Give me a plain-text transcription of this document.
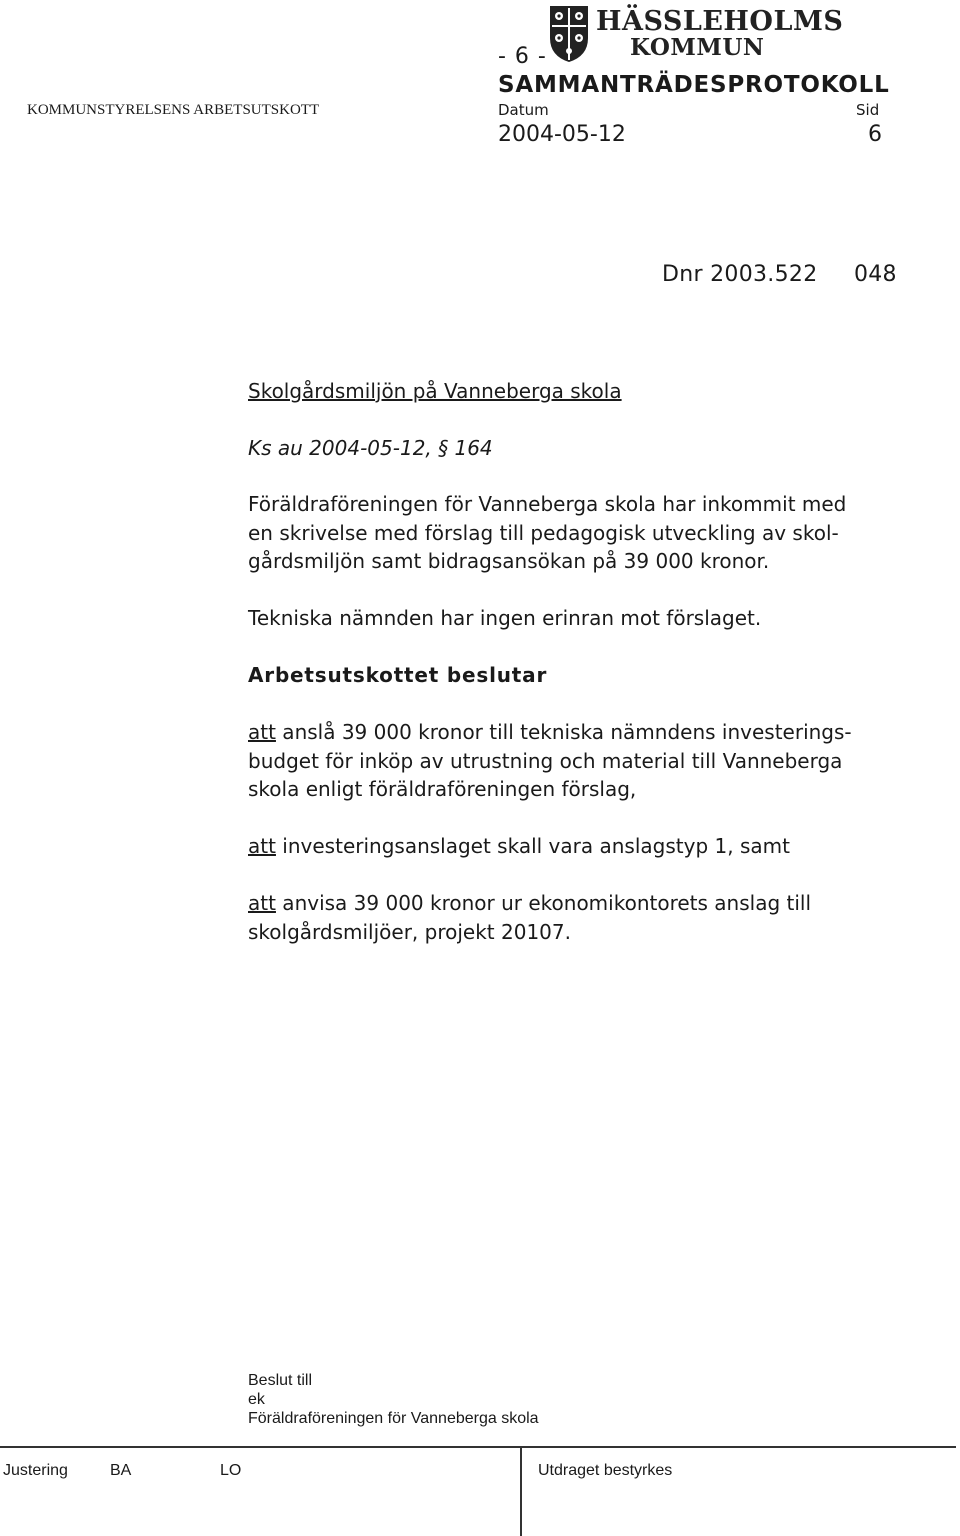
- 6 -
HÄSSLEHOLMS
KOMMUN
SAMMANTRÄDESPROTOKOLL
KOMMUNSTYRELSENS ARBETSUTSKOTT	Datum	Sid
2004-05-12	6
Dnr 2003.522     048
Skolgårdsmiljön på Vanneberga skola
Ks au 2004-05-12, § 164
Föräldraföreningen för Vanneberga skola har inkommit med
en skrivelse med förslag till pedagogisk utveckling av skol-
gårdsmiljön samt bidragsansökan på 39 000 kronor.
Tekniska nämnden har ingen erinran mot förslaget.
Arbetsutskottet beslutar
att anslå 39 000 kronor till tekniska nämndens investerings-
budget för inköp av utrustning och material till Vanneberga
skola enligt föräldraföreningen förslag,
att investeringsanslaget skall vara anslagstyp 1, samt
att anvisa 39 000 kronor ur ekonomikontorets anslag till
skolgårdsmiljöer, projekt 20107.
Beslut till
ek
Föräldraföreningen för Vanneberga skola
Justering	BA	LO	Utdraget bestyrkes
